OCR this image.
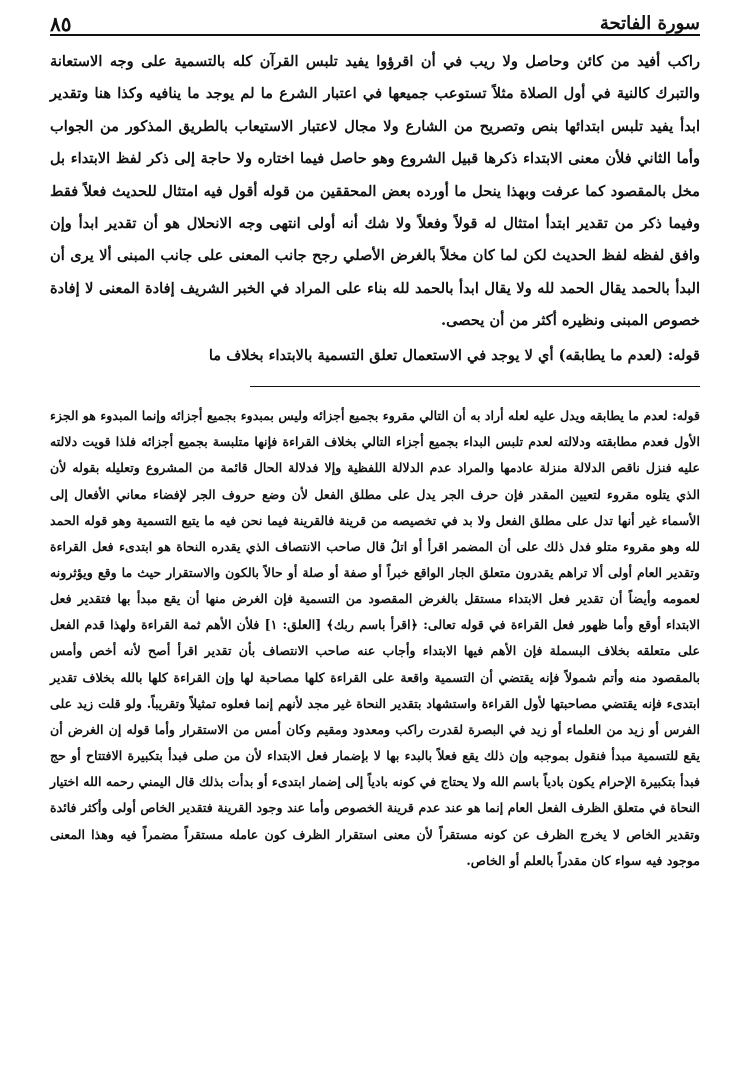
سورة الفاتحة
٨٥

راكب أفيد من كائن وحاصل ولا ريب في أن اقرؤوا يفيد تلبس القرآن كله بالتسمية على وجه الاستعانة والتبرك كالنية في أول الصلاة مثلاً تستوعب جميعها في اعتبار الشرع ما لم يوجد ما ينافيه وكذا هنا وتقدير ابدأ يفيد تلبس ابتدائها بنص وتصريح من الشارع ولا مجال لاعتبار الاستيعاب بالطريق المذكور من الجواب وأما الثاني فلأن معنى الابتداء ذكرها قبيل الشروع وهو حاصل فيما اختاره ولا حاجة إلى ذكر لفظ الابتداء بل مخل بالمقصود كما عرفت وبهذا ينحل ما أورده بعض المحققين من قوله أقول فيه امتثال للحديث فعلاً فقط وفيما ذكر من تقدير ابتدأ امتثال له قولاً وفعلاً ولا شك أنه أولى انتهى وجه الانحلال هو أن تقدير ابدأ وإن وافق لفظه لفظ الحديث لكن لما كان مخلاً بالغرض الأصلي رجح جانب المعنى على جانب المبنى ألا يرى أن البدأ بالحمد يقال الحمد لله ولا يقال ابدأ بالحمد لله بناء على المراد في الخبر الشريف إفادة المعنى لا إفادة خصوص المبنى ونظيره أكثر من أن يحصى.

قوله: (لعدم ما يطابقه) أي لا يوجد في الاستعمال تعلق التسمية بالابتداء بخلاف ما

قوله: لعدم ما يطابقه ويدل عليه لعله أراد به أن التالي مقروء بجميع أجزائه وليس بمبدوء بجميع أجزائه وإنما المبدوء هو الجزء الأول فعدم مطابقته ودلالته لعدم تلبس البداء بجميع أجزاء التالي بخلاف القراءة فإنها متلبسة بجميع أجزائه فلذا قويت دلالته عليه فنزل ناقص الدلالة منزلة عادمها والمراد عدم الدلالة اللفظية وإلا فدلالة الحال قائمة من المشروع وتعليله بقوله لأن الذي يتلوه مقروء لتعيين المقدر فإن حرف الجر يدل على مطلق الفعل لأن وضع حروف الجر لإفضاء معاني الأفعال إلى الأسماء غير أنها تدل على مطلق الفعل ولا بد في تخصيصه من قرينة فالقرينة فيما نحن فيه ما يتبع التسمية وهو قوله الحمد لله وهو مقروء متلو فدل ذلك على أن المضمر اقرأ أو اتلُ قال صاحب الانتصاف الذي يقدره النحاة هو ابتدىء فعل القراءة وتقدير العام أولى ألا تراهم يقدرون متعلق الجار الواقع خبراً أو صفة أو صلة أو حالاً بالكون والاستقرار حيث ما وقع ويؤثرونه لعمومه وأيضاً أن تقدير فعل الابتداء مستقل بالغرض المقصود من التسمية فإن الغرض منها أن يقع مبدأ بها فتقدير فعل الابتداء أوقع وأما ظهور فعل القراءة في قوله تعالى: ﴿اقرأ باسم ربك﴾ [العلق: ١] فلأن الأهم ثمة القراءة ولهذا قدم الفعل على متعلقه بخلاف البسملة فإن الأهم فيها الابتداء وأجاب عنه صاحب الانتصاف بأن تقدير اقرأ أصح لأنه أخص وأمس بالمقصود منه وأتم شمولاً فإنه يقتضي أن التسمية واقعة على القراءة كلها مصاحبة لها وإن القراءة كلها بالله بخلاف تقدير ابتدىء فإنه يقتضي مصاحبتها لأول القراءة واستشهاد بتقدير النحاة غير مجد لأنهم إنما فعلوه تمثيلاً وتقريباً. ولو قلت زيد على الفرس أو زيد من العلماء أو زيد في البصرة لقدرت راكب ومعدود ومقيم وكان أمس من الاستقرار وأما قوله إن الغرض أن يقع للتسمية مبدأ فنقول بموجبه وإن ذلك يقع فعلاً بالبدء بها لا بإضمار فعل الابتداء لأن من صلى فبدأ بتكبيرة الافتتاح أو حج فبدأ بتكبيرة الإحرام يكون بادياً باسم الله ولا يحتاج في كونه بادياً إلى إضمار ابتدىء أو بدأت بذلك قال اليمني رحمه الله اختيار النحاة في متعلق الظرف الفعل العام إنما هو عند عدم قرينة الخصوص وأما عند وجود القرينة فتقدير الخاص أولى وأكثر فائدة وتقدير الخاص لا يخرج الظرف عن كونه مستقراً لأن معنى استقرار الظرف كون عامله مستقراً مضمراً فيه وهذا المعنى موجود فيه سواء كان مقدراً بالعلم أو الخاص.
